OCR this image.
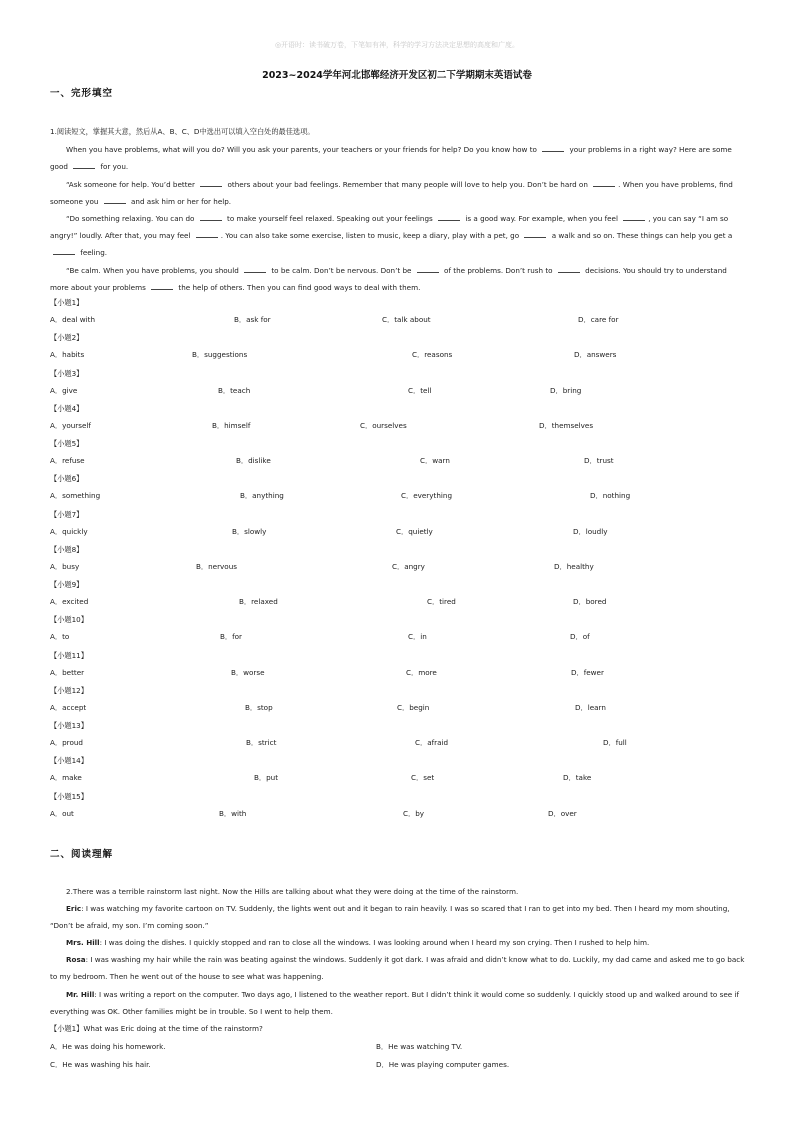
◎开语时：读书破万卷，下笔如有神，科学的学习方法决定思想的高度和广度。
2023~2024学年河北邯郸经济开发区初二下学期期末英语试卷
一、完形填空
1.阅读短文，掌握其大意，然后从A、B、C、D中选出可以填入空白处的最佳选项。
When you have problems, what will you do? Will you ask your parents, your teachers or your friends for help? Do you know how to	your problems in a right way? Here are some
good	for you.
“Ask someone for help. You’d better	others about your bad feelings. Remember that many people will love to help you. Don’t be hard on	. When you have problems, find
someone you	and ask him or her for help.
“Do something relaxing. You can do	to make yourself feel relaxed. Speaking out your feelings	is a good way. For example, when you feel	, you can say “I am so
angry!” loudly. After that, you may feel	. You can also take some exercise, listen to music, keep a diary, play with a pet, go	a walk and so on. These things can help you get a
feeling.
“Be calm. When you have problems, you should	to be calm. Don’t be nervous. Don’t be	of the problems. Don’t rush to	decisions. You should try to understand
more about your problems	the help of others. Then you can find good ways to deal with them.
【小题1】
A．deal with	B．ask for	C．talk about	D．care for
【小题2】
A．habits	B．suggestions	C．reasons	D．answers
【小题3】
A．give	B．teach	C．tell	D．bring
【小题4】
A．yourself	B．himself	C．ourselves	D．themselves
【小题5】
A．refuse	B．dislike	C．warn	D．trust
【小题6】
A．something	B．anything	C．everything	D．nothing
【小题7】
A．quickly	B．slowly	C．quietly	D．loudly
【小题8】
A．busy	B．nervous	C．angry	D．healthy
【小题9】
A．excited	B．relaxed	C．tired	D．bored
【小题10】
A．to	B．for	C．in	D．of
【小题11】
A．better	B．worse	C．more	D．fewer
【小题12】
A．accept	B．stop	C．begin	D．learn
【小题13】
A．proud	B．strict	C．afraid	D．full
【小题14】
A．make	B．put	C．set	D．take
【小题15】
A．out	B．with	C．by	D．over
二、阅读理解
2.There was a terrible rainstorm last night. Now the Hills are talking about what they were doing at the time of the rainstorm.
Eric: I was watching my favorite cartoon on TV. Suddenly, the lights went out and it began to rain heavily. I was so scared that I ran to get into my bed. Then I heard my mom shouting,
“Don’t be afraid, my son. I’m coming soon.”
Mrs. Hill: I was doing the dishes. I quickly stopped and ran to close all the windows. I was looking around when I heard my son crying. Then I rushed to help him.
Rosa: I was washing my hair while the rain was beating against the windows. Suddenly it got dark. I was afraid and didn’t know what to do. Luckily, my dad came and asked me to go back
to my bedroom. Then he went out of the house to see what was happening.
Mr. Hill: I was writing a report on the computer. Two days ago, I listened to the weather report. But I didn’t think it would come so suddenly. I quickly stood up and walked around to see if
everything was OK. Other families might be in trouble. So I went to help them.
【小题1】What was Eric doing at the time of the rainstorm?
A．He was doing his homework.	B．He was watching TV.
C．He was washing his hair.	D．He was playing computer games.
